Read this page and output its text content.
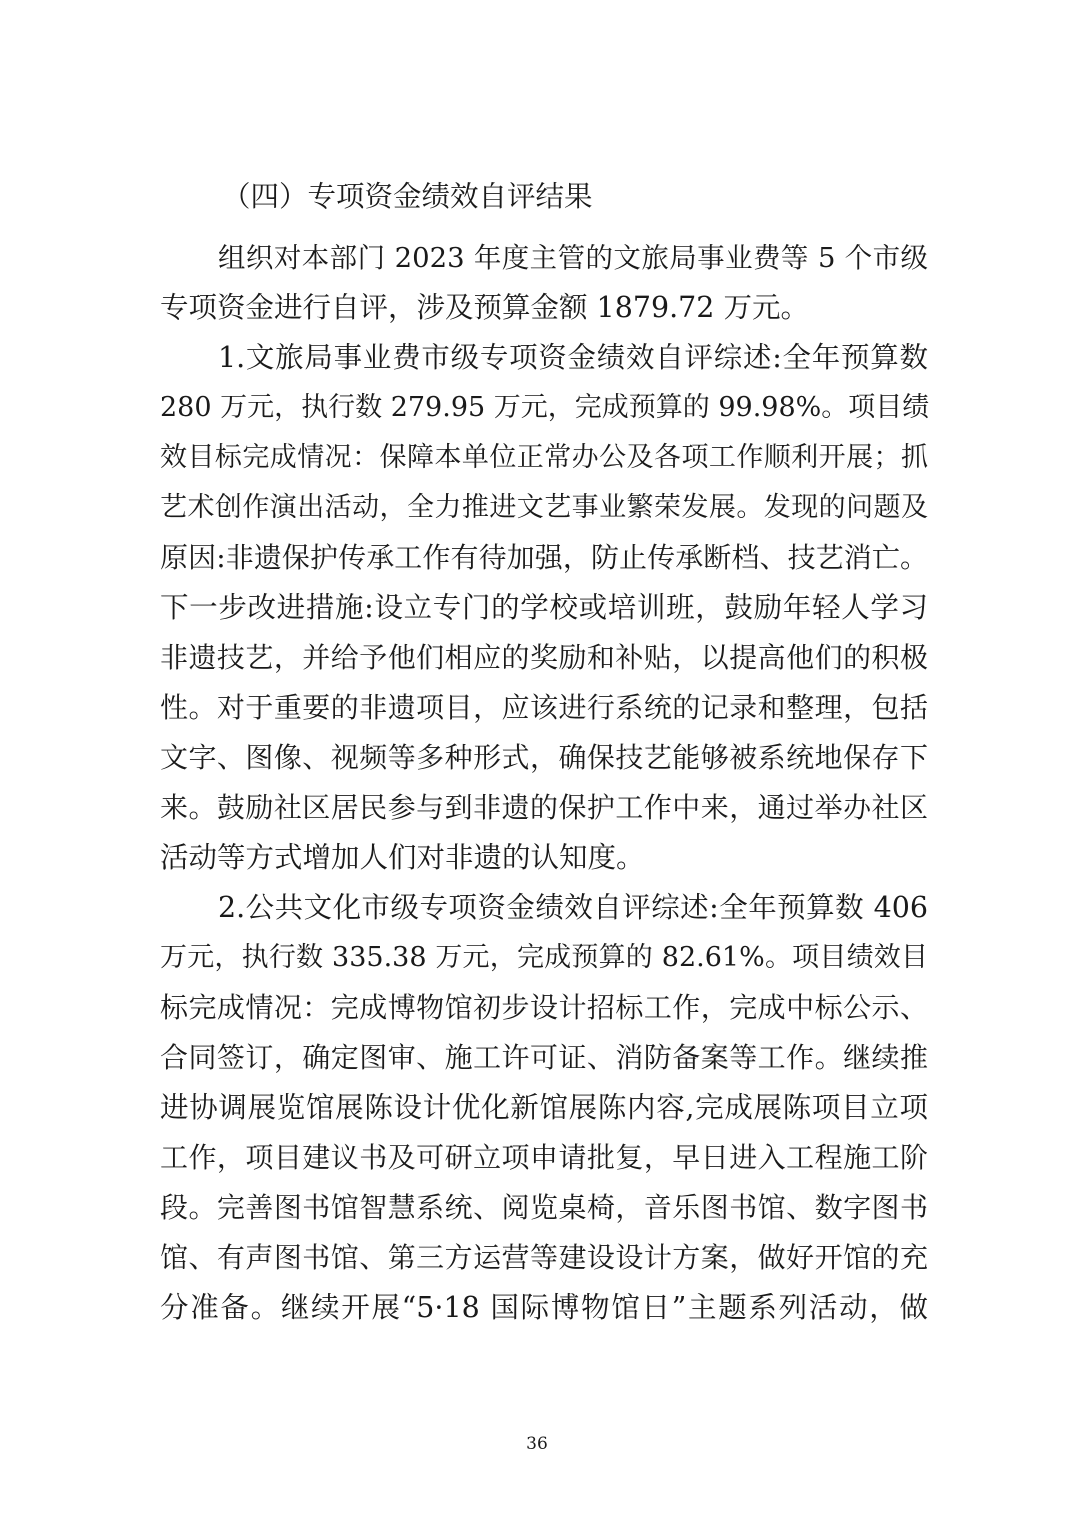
（四）专项资金绩效自评结果
组织对本部门 2023 年度主管的文旅局事业费等 5 个市级
专项资金进行自评，涉及预算金额 1879.72 万元。
1.文旅局事业费市级专项资金绩效自评综述:全年预算数
280 万元，执行数 279.95 万元，完成预算的 99.98%。项目绩
效目标完成情况：保障本单位正常办公及各项工作顺利开展；抓
艺术创作演出活动，全力推进文艺事业繁荣发展。发现的问题及
原因:非遗保护传承工作有待加强，防止传承断档、技艺消亡。
下一步改进措施:设立专门的学校或培训班，鼓励年轻人学习
非遗技艺，并给予他们相应的奖励和补贴，以提高他们的积极
性。对于重要的非遗项目，应该进行系统的记录和整理，包括
文字、图像、视频等多种形式，确保技艺能够被系统地保存下
来。鼓励社区居民参与到非遗的保护工作中来，通过举办社区
活动等方式增加人们对非遗的认知度。
2.公共文化市级专项资金绩效自评综述:全年预算数 406
万元，执行数 335.38 万元，完成预算的 82.61%。项目绩效目
标完成情况：完成博物馆初步设计招标工作，完成中标公示、
合同签订，确定图审、施工许可证、消防备案等工作。继续推
进协调展览馆展陈设计优化新馆展陈内容,完成展陈项目立项
工作，项目建议书及可研立项申请批复，早日进入工程施工阶
段。完善图书馆智慧系统、阅览桌椅，音乐图书馆、数字图书
馆、有声图书馆、第三方运营等建设设计方案，做好开馆的充
分准备。继续开展“5·18 国际博物馆日”主题系列活动，做
36
